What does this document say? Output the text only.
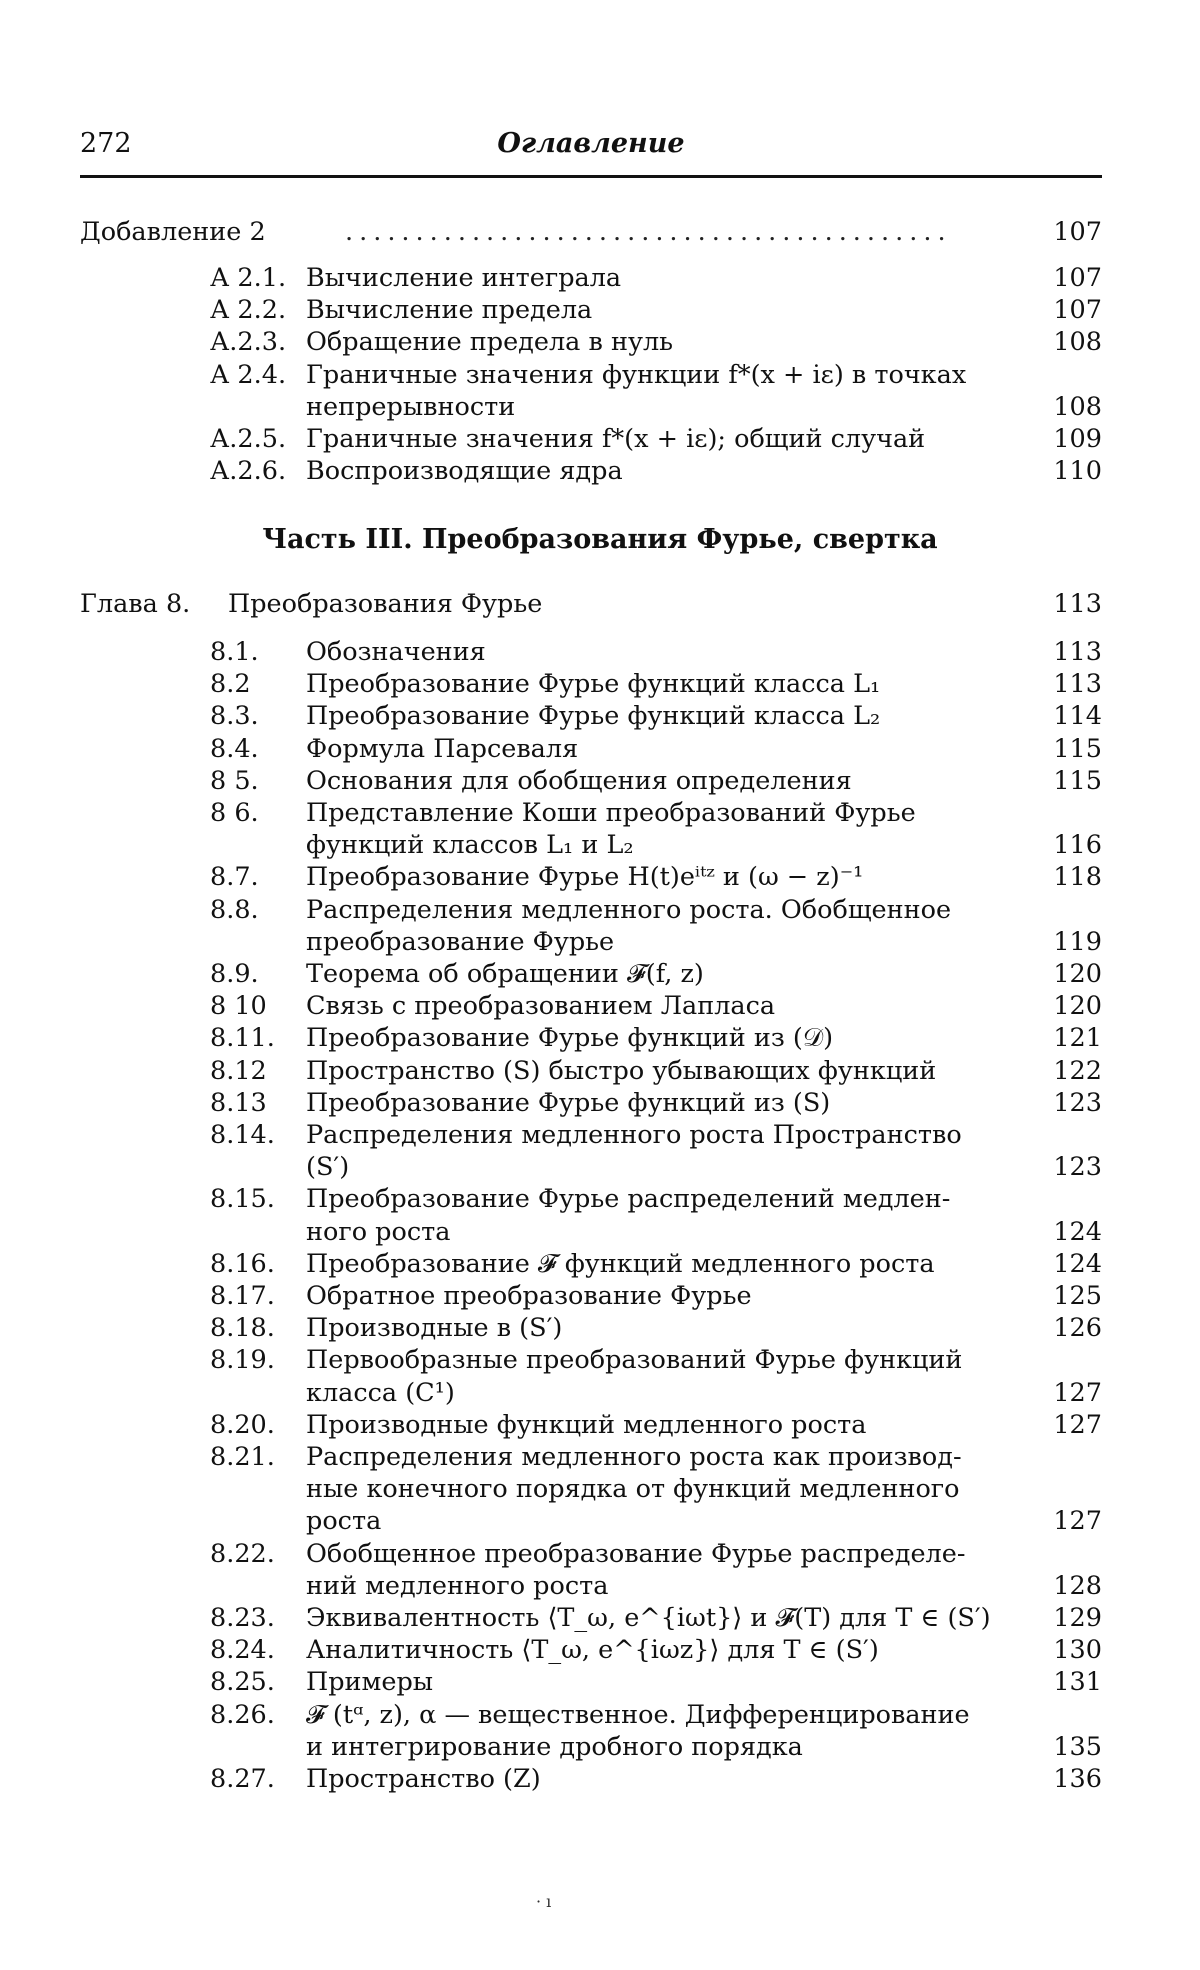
272	Оглавление
Добавление 2	...........................................	107
А 2.1. Вычисление интеграла	107
А 2.2. Вычисление предела	107
А.2.3. Обращение предела в нуль	108
А 2.4. Граничные значения функции f*(x + iε) в точках
непрерывности	108
А.2.5. Граничные значения f*(x + iε); общий случай	109
А.2.6. Воспроизводящие ядра	110
Часть III. Преобразования Фурье, свертка
Глава 8. Преобразования Фурье	113
8.1. Обозначения	113
8.2 Преобразование Фурье функций класса L₁	113
8.3. Преобразование Фурье функций класса L₂	114
8.4. Формула Парсеваля	115
8 5. Основания для обобщения определения	115
8 6. Представление Коши преобразований Фурье
функций классов L₁ и L₂	116
8.7. Преобразование Фурье H(t)eⁱᵗᶻ и (ω − z)⁻¹	118
8.8. Распределения медленного роста. Обобщенное
преобразование Фурье	119
8.9. Теорема об обращении 𝓕(f, z)	120
8 10 Связь с преобразованием Лапласа	120
8.11. Преобразование Фурье функций из (𝒟)	121
8.12 Пространство (S) быстро убывающих функций	122
8.13 Преобразование Фурье функций из (S)	123
8.14. Распределения медленного роста Пространство
(S′)	123
8.15. Преобразование Фурье распределений медлен-
ного роста	124
8.16. Преобразование 𝓕 функций медленного роста	124
8.17. Обратное преобразование Фурье	125
8.18. Производные в (S′)	126
8.19. Первообразные преобразований Фурье функций
класса (C¹)	127
8.20. Производные функций медленного роста	127
8.21. Распределения медленного роста как производ-
ные конечного порядка от функций медленного
роста	127
8.22. Обобщенное преобразование Фурье распределе-
ний медленного роста	128
8.23. Эквивалентность ⟨T_ω, e^{iωt}⟩ и 𝓕(T) для T ∈ (S′)	129
8.24. Аналитичность ⟨T_ω, e^{iωz}⟩ для T ∈ (S′)	130
8.25. Примеры	131
8.26. 𝓕 (tᵅ, z), α — вещественное. Дифференцирование
и интегрирование дробного порядка	135
8.27. Пространство (Z)	136
· ı
